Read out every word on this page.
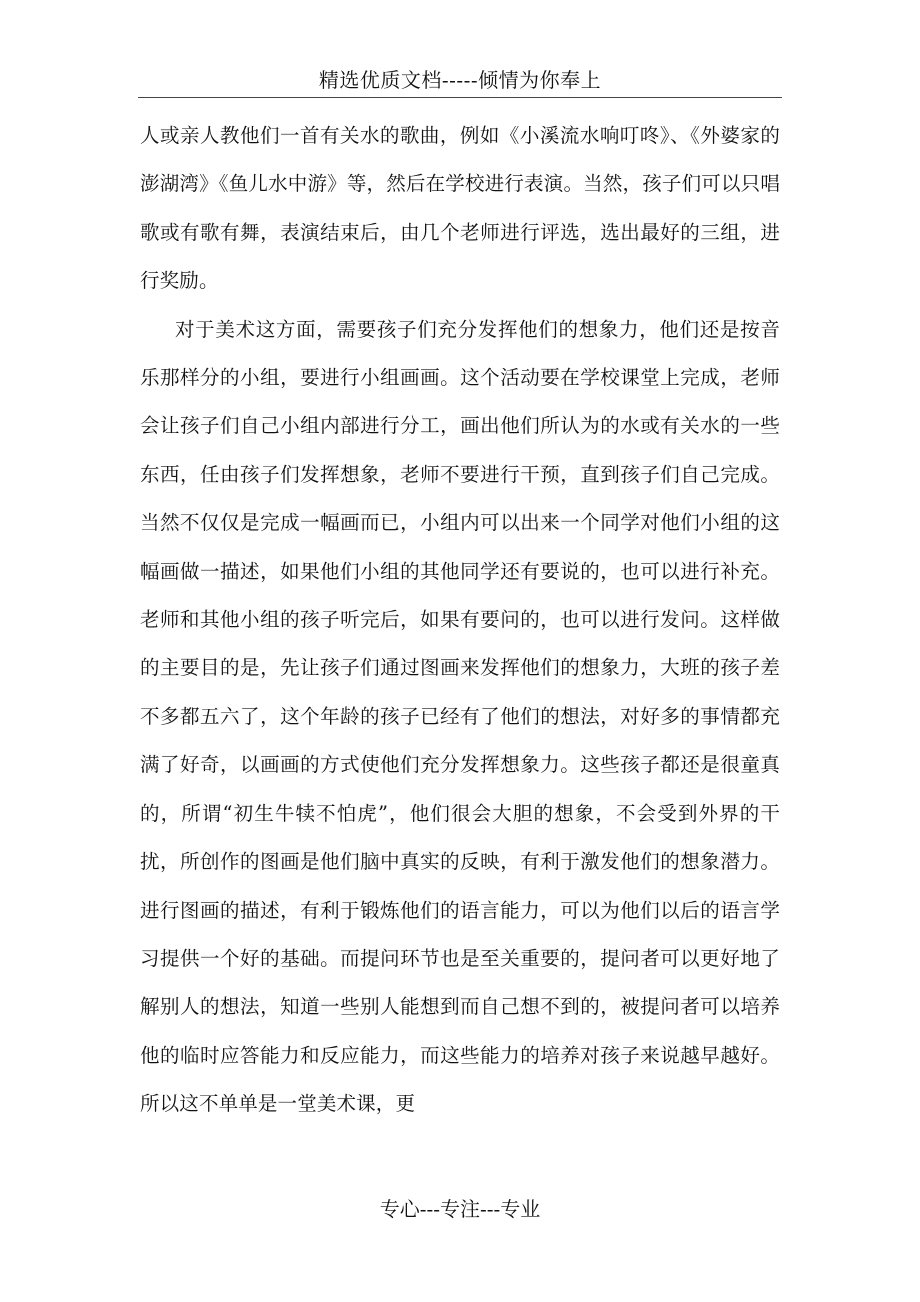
精选优质文档-----倾情为你奉上

人或亲人教他们一首有关水的歌曲，例如《小溪流水响叮咚》、《外婆家的澎湖湾》《鱼儿水中游》等，然后在学校进行表演。当然，孩子们可以只唱歌或有歌有舞，表演结束后，由几个老师进行评选，选出最好的三组，进行奖励。

对于美术这方面，需要孩子们充分发挥他们的想象力，他们还是按音乐那样分的小组，要进行小组画画。这个活动要在学校课堂上完成，老师会让孩子们自己小组内部进行分工，画出他们所认为的水或有关水的一些东西，任由孩子们发挥想象，老师不要进行干预，直到孩子们自己完成。当然不仅仅是完成一幅画而已，小组内可以出来一个同学对他们小组的这幅画做一描述，如果他们小组的其他同学还有要说的，也可以进行补充。老师和其他小组的孩子听完后，如果有要问的，也可以进行发问。这样做的主要目的是，先让孩子们通过图画来发挥他们的想象力，大班的孩子差不多都五六了，这个年龄的孩子已经有了他们的想法，对好多的事情都充满了好奇，以画画的方式使他们充分发挥想象力。这些孩子都还是很童真的，所谓“初生牛犊不怕虎”，他们很会大胆的想象，不会受到外界的干扰，所创作的图画是他们脑中真实的反映，有利于激发他们的想象潜力。进行图画的描述，有利于锻炼他们的语言能力，可以为他们以后的语言学习提供一个好的基础。而提问环节也是至关重要的，提问者可以更好地了解别人的想法，知道一些别人能想到而自己想不到的，被提问者可以培养他的临时应答能力和反应能力，而这些能力的培养对孩子来说越早越好。所以这不单单是一堂美术课，更

专心---专注---专业
